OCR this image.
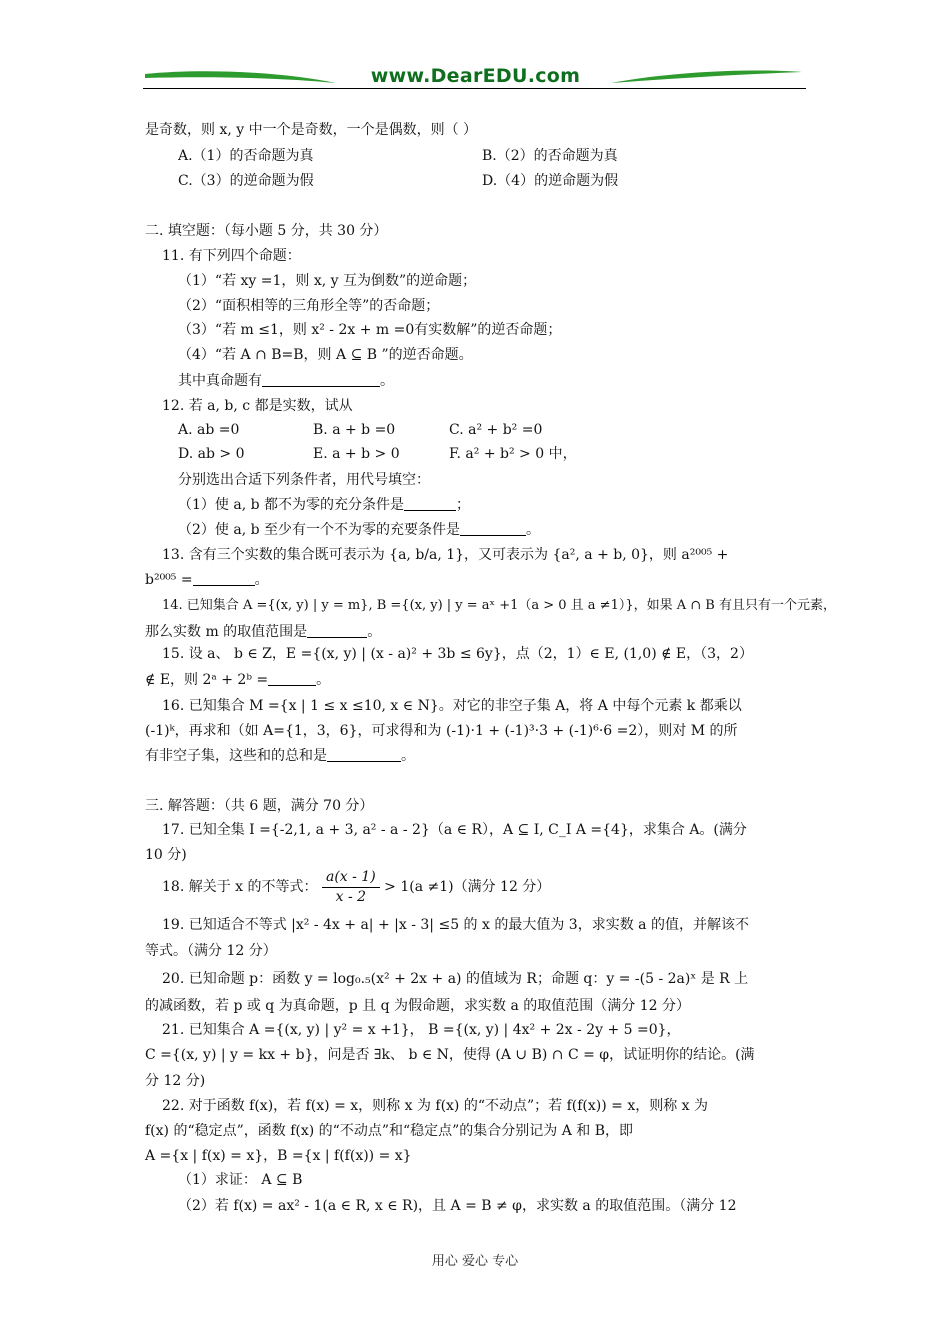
www.DearEDU.com
是奇数，则 x, y 中一个是奇数，一个是偶数，则（ ）
A.（1）的否命题为真	B.（2）的否命题为真
C.（3）的逆命题为假	D.（4）的逆命题为假
二. 填空题：（每小题 5 分，共 30 分）
11. 有下列四个命题：
（1）“若 xy =1，则 x, y 互为倒数”的逆命题；
（2）“面积相等的三角形全等”的否命题；
（3）“若 m ≤1，则 x² - 2x + m =0有实数解”的逆否命题；
（4）“若 A ∩ B=B，则 A ⊆ B ”的逆否命题。
其中真命题有	。
12. 若 a, b, c 都是实数，试从
A. ab =0	B. a + b =0	C. a² + b² =0
D. ab > 0	E. a + b > 0	F. a² + b² > 0 中，
分别选出合适下列条件者，用代号填空：
（1）使 a, b 都不为零的充分条件是	；
（2）使 a, b 至少有一个不为零的充要条件是	。
13. 含有三个实数的集合既可表示为 {a, b/a, 1}，又可表示为 {a², a + b, 0}，则 a²⁰⁰⁵ +
b²⁰⁰⁵ =	。
14. 已知集合 A ={(x, y) | y = m}, B ={(x, y) | y = aˣ +1（a > 0 且 a ≠1）}，如果 A ∩ B 有且只有一个元素，
那么实数 m 的取值范围是	。
15. 设 a、 b ∈ Z，E ={(x, y) | (x - a)² + 3b ≤ 6y}，点（2，1）∈ E, (1,0) ∉ E，（3，2）
∉ E，则 2ᵃ + 2ᵇ =	。
16. 已知集合 M ={x | 1 ≤ x ≤10, x ∈ N}。对它的非空子集 A，将 A 中每个元素 k 都乘以
(-1)ᵏ，再求和（如 A={1，3，6}，可求得和为 (-1)·1 + (-1)³·3 + (-1)⁶·6 =2），则对 M 的所
有非空子集，这些和的总和是	。
三. 解答题：（共 6 题，满分 70 分）
17. 已知全集 I ={-2,1, a + 3, a² - a - 2}（a ∈ R），A ⊆ I, C_I A ={4}，求集合 A。(满分
10 分)
18. 解关于 x 的不等式： $\frac{a(x - 1)}{x - 2} > 1(a \ne 1)$（满分 12 分）
19. 已知适合不等式 |x² - 4x + a| + |x - 3| ≤5 的 x 的最大值为 3，求实数 a 的值，并解该不
等式。（满分 12 分）
20. 已知命题 p：函数 y = log₀.₅(x² + 2x + a) 的值域为 R；命题 q：y = -(5 - 2a)ˣ 是 R 上
的减函数，若 p 或 q 为真命题，p 且 q 为假命题，求实数 a 的取值范围（满分 12 分）
21. 已知集合 A ={(x, y) | y² = x +1}， B ={(x, y) | 4x² + 2x - 2y + 5 =0}，
C ={(x, y) | y = kx + b}，问是否 ∃k、 b ∈ N，使得 (A ∪ B) ∩ C = φ，试证明你的结论。(满
分 12 分)
22. 对于函数 f(x)，若 f(x) = x，则称 x 为 f(x) 的“不动点”；若 f(f(x)) = x，则称 x 为
f(x) 的“稳定点”，函数 f(x) 的“不动点”和“稳定点”的集合分别记为 A 和 B，即
A ={x | f(x) = x}，B ={x | f(f(x)) = x}
（1）求证： A ⊆ B
（2）若 f(x) = ax² - 1(a ∈ R, x ∈ R)，且 A = B ≠ φ，求实数 a 的取值范围。（满分 12
用心 爱心 专心
